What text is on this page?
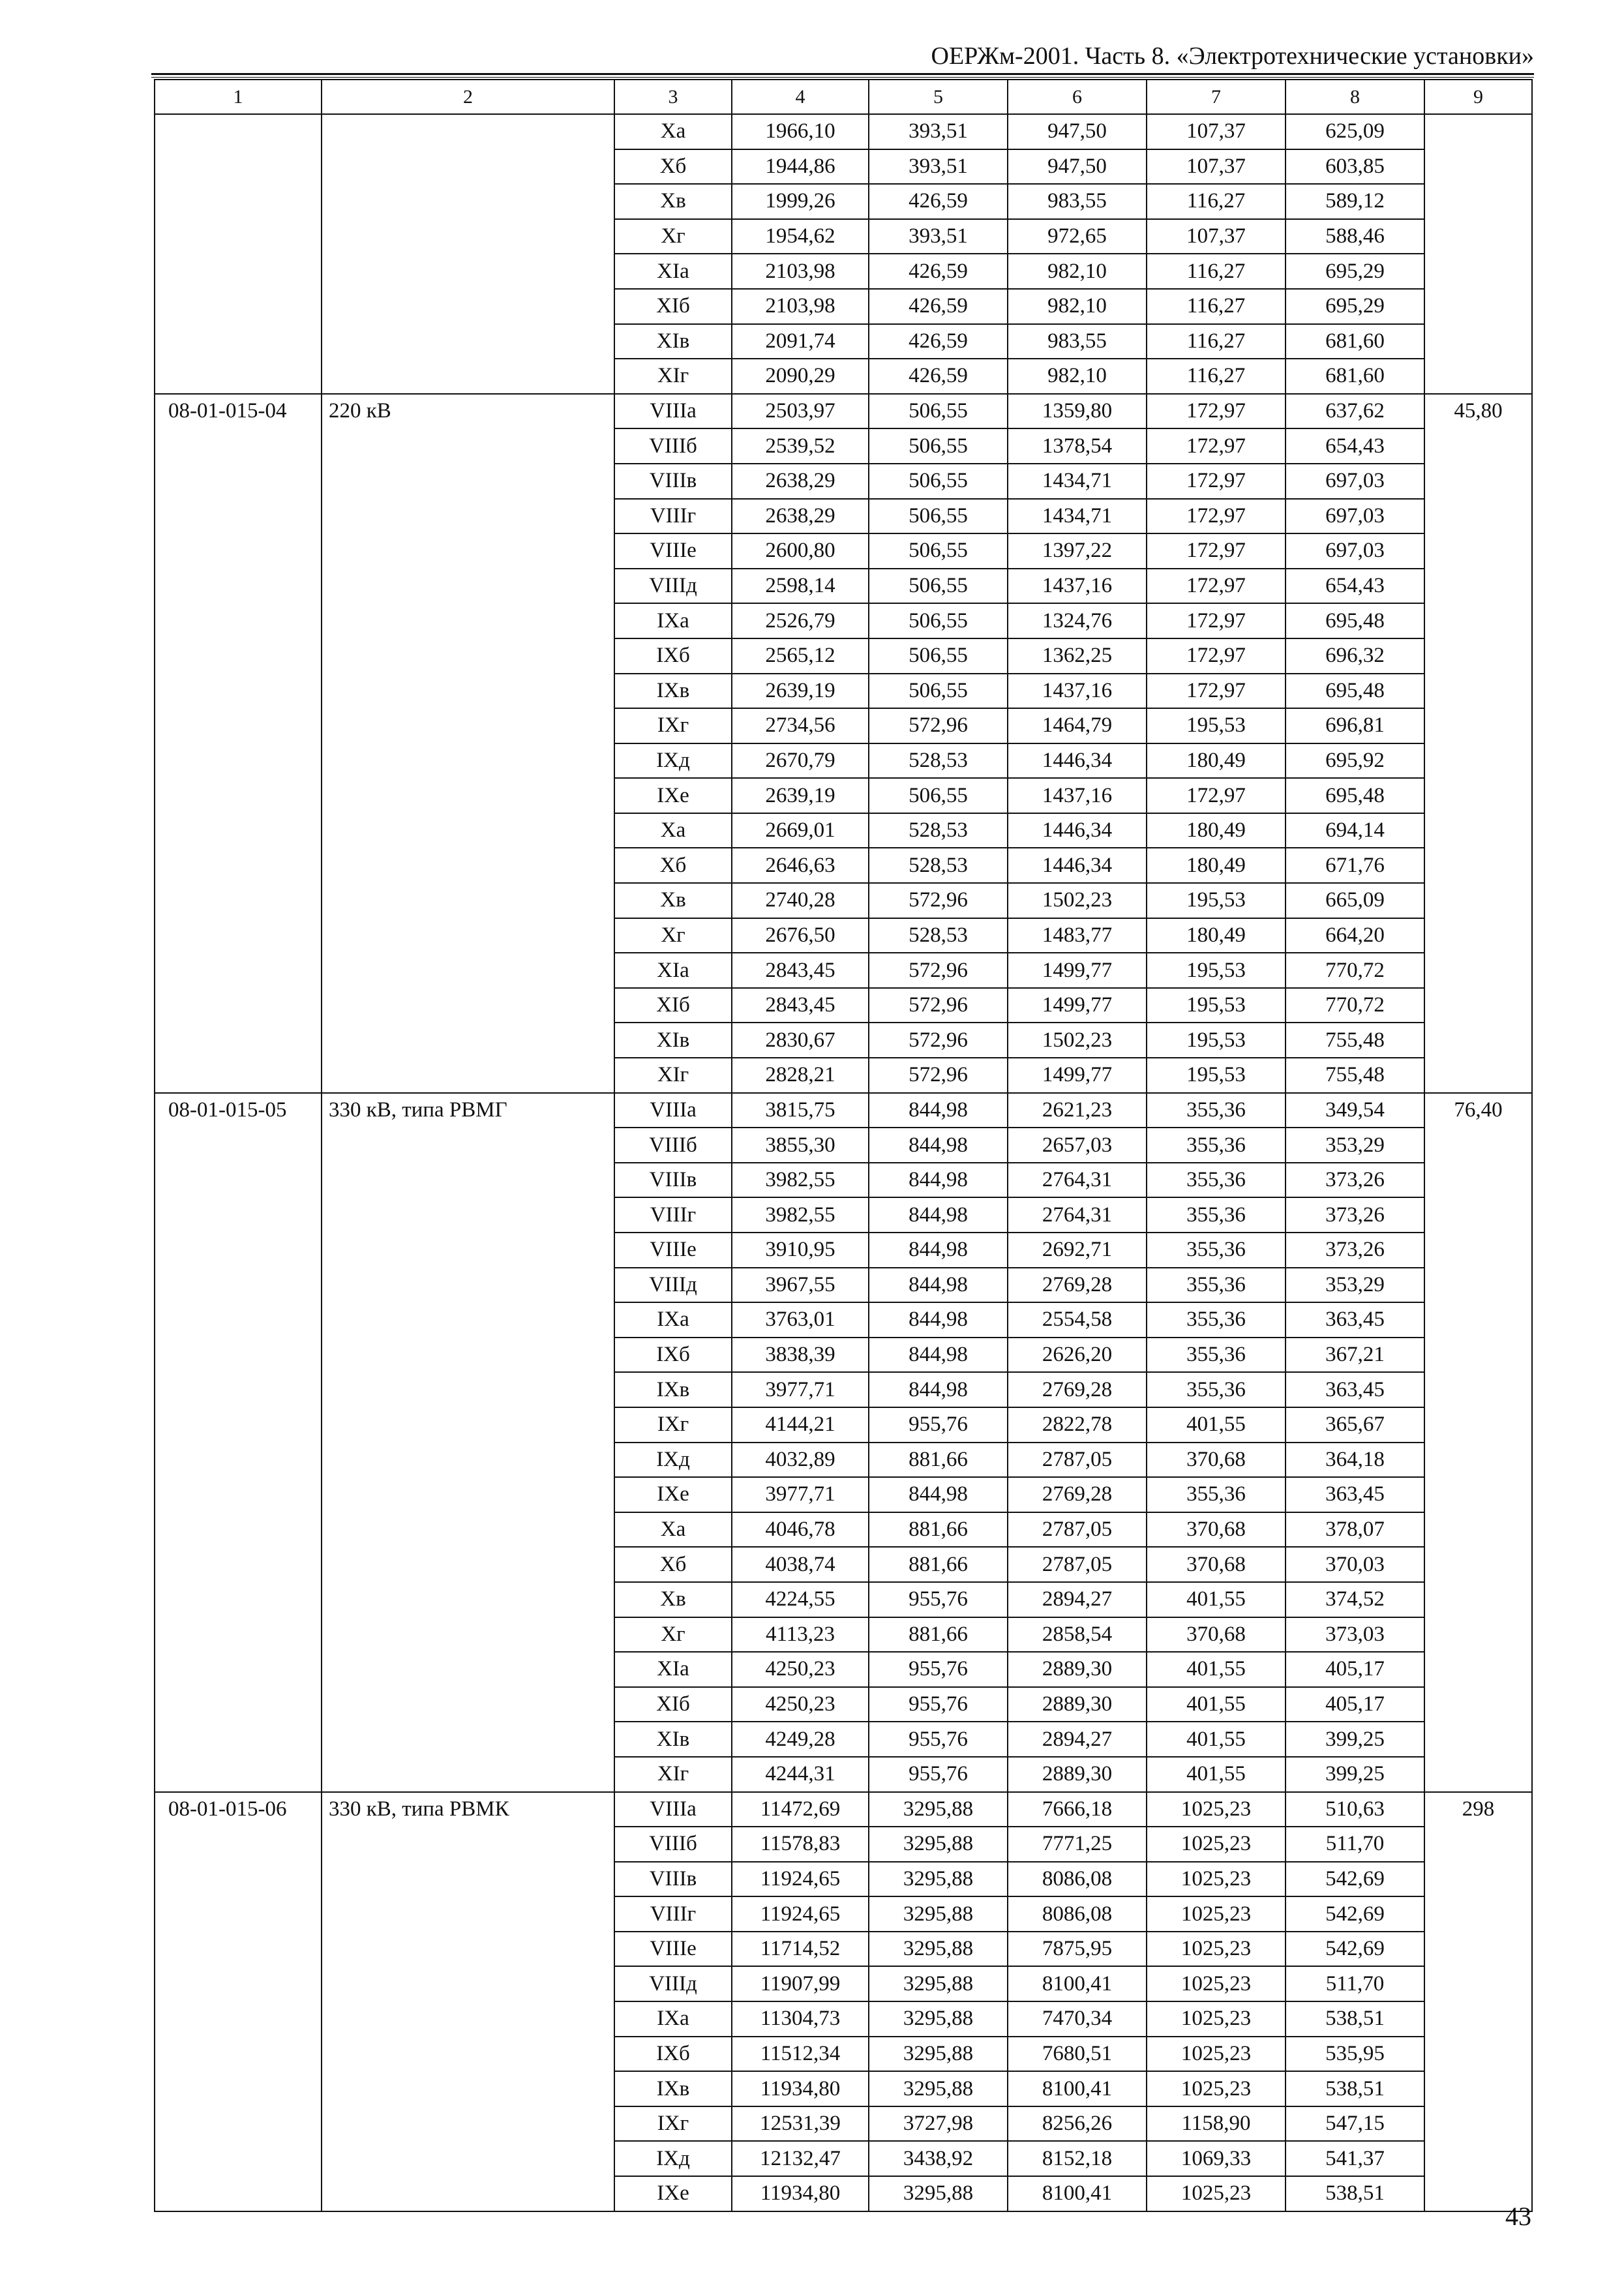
ОЕРЖм-2001. Часть 8. «Электротехнические установки»
1	2	3	4	5	6	7	8	9
		Xa	1966,10	393,51	947,50	107,37	625,09	
		Xб	1944,86	393,51	947,50	107,37	603,85	
		Xв	1999,26	426,59	983,55	116,27	589,12	
		Xг	1954,62	393,51	972,65	107,37	588,46	
		XIa	2103,98	426,59	982,10	116,27	695,29	
		XIб	2103,98	426,59	982,10	116,27	695,29	
		XIв	2091,74	426,59	983,55	116,27	681,60	
		XIг	2090,29	426,59	982,10	116,27	681,60	
08-01-015-04	220 кВ	VIIIa	2503,97	506,55	1359,80	172,97	637,62	45,80
		VIIIб	2539,52	506,55	1378,54	172,97	654,43	
		VIIIв	2638,29	506,55	1434,71	172,97	697,03	
		VIIIг	2638,29	506,55	1434,71	172,97	697,03	
		VIIIе	2600,80	506,55	1397,22	172,97	697,03	
		VIIIд	2598,14	506,55	1437,16	172,97	654,43	
		IXa	2526,79	506,55	1324,76	172,97	695,48	
		IXб	2565,12	506,55	1362,25	172,97	696,32	
		IXв	2639,19	506,55	1437,16	172,97	695,48	
		IXг	2734,56	572,96	1464,79	195,53	696,81	
		IXд	2670,79	528,53	1446,34	180,49	695,92	
		IXе	2639,19	506,55	1437,16	172,97	695,48	
		Xa	2669,01	528,53	1446,34	180,49	694,14	
		Xб	2646,63	528,53	1446,34	180,49	671,76	
		Xв	2740,28	572,96	1502,23	195,53	665,09	
		Xг	2676,50	528,53	1483,77	180,49	664,20	
		XIa	2843,45	572,96	1499,77	195,53	770,72	
		XIб	2843,45	572,96	1499,77	195,53	770,72	
		XIв	2830,67	572,96	1502,23	195,53	755,48	
		XIг	2828,21	572,96	1499,77	195,53	755,48	
08-01-015-05	330 кВ, типа РВМГ	VIIIa	3815,75	844,98	2621,23	355,36	349,54	76,40
		VIIIб	3855,30	844,98	2657,03	355,36	353,29	
		VIIIв	3982,55	844,98	2764,31	355,36	373,26	
		VIIIг	3982,55	844,98	2764,31	355,36	373,26	
		VIIIе	3910,95	844,98	2692,71	355,36	373,26	
		VIIIд	3967,55	844,98	2769,28	355,36	353,29	
		IXa	3763,01	844,98	2554,58	355,36	363,45	
		IXб	3838,39	844,98	2626,20	355,36	367,21	
		IXв	3977,71	844,98	2769,28	355,36	363,45	
		IXг	4144,21	955,76	2822,78	401,55	365,67	
		IXд	4032,89	881,66	2787,05	370,68	364,18	
		IXе	3977,71	844,98	2769,28	355,36	363,45	
		Xa	4046,78	881,66	2787,05	370,68	378,07	
		Xб	4038,74	881,66	2787,05	370,68	370,03	
		Xв	4224,55	955,76	2894,27	401,55	374,52	
		Xг	4113,23	881,66	2858,54	370,68	373,03	
		XIa	4250,23	955,76	2889,30	401,55	405,17	
		XIб	4250,23	955,76	2889,30	401,55	405,17	
		XIв	4249,28	955,76	2894,27	401,55	399,25	
		XIг	4244,31	955,76	2889,30	401,55	399,25	
08-01-015-06	330 кВ, типа РВМК	VIIIa	11472,69	3295,88	7666,18	1025,23	510,63	298
		VIIIб	11578,83	3295,88	7771,25	1025,23	511,70	
		VIIIв	11924,65	3295,88	8086,08	1025,23	542,69	
		VIIIг	11924,65	3295,88	8086,08	1025,23	542,69	
		VIIIе	11714,52	3295,88	7875,95	1025,23	542,69	
		VIIIд	11907,99	3295,88	8100,41	1025,23	511,70	
		IXa	11304,73	3295,88	7470,34	1025,23	538,51	
		IXб	11512,34	3295,88	7680,51	1025,23	535,95	
		IXв	11934,80	3295,88	8100,41	1025,23	538,51	
		IXг	12531,39	3727,98	8256,26	1158,90	547,15	
		IXд	12132,47	3438,92	8152,18	1069,33	541,37	
		IXе	11934,80	3295,88	8100,41	1025,23	538,51	
43
